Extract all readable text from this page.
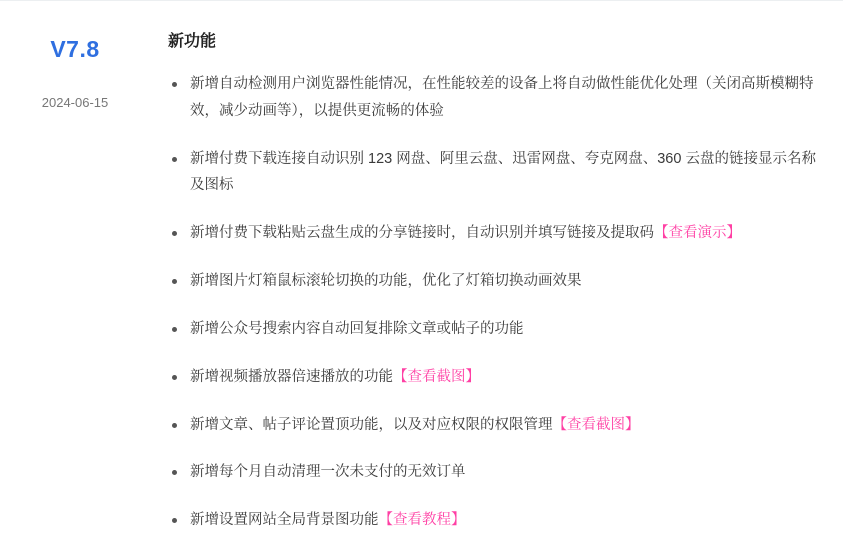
V7.8
2024-06-15
新功能
新增自动检测用户浏览器性能情况，在性能较差的设备上将自动做性能优化处理（关闭高斯模糊特效，减少动画等），以提供更流畅的体验
新增付费下载连接自动识别 123 网盘、阿里云盘、迅雷网盘、夸克网盘、360 云盘的链接显示名称及图标
新增付费下载粘贴云盘生成的分享链接时，自动识别并填写链接及提取码【查看演示】
新增图片灯箱鼠标滚轮切换的功能，优化了灯箱切换动画效果
新增公众号搜索内容自动回复排除文章或帖子的功能
新增视频播放器倍速播放的功能【查看截图】
新增文章、帖子评论置顶功能，以及对应权限的权限管理【查看截图】
新增每个月自动清理一次未支付的无效订单
新增设置网站全局背景图功能【查看教程】
